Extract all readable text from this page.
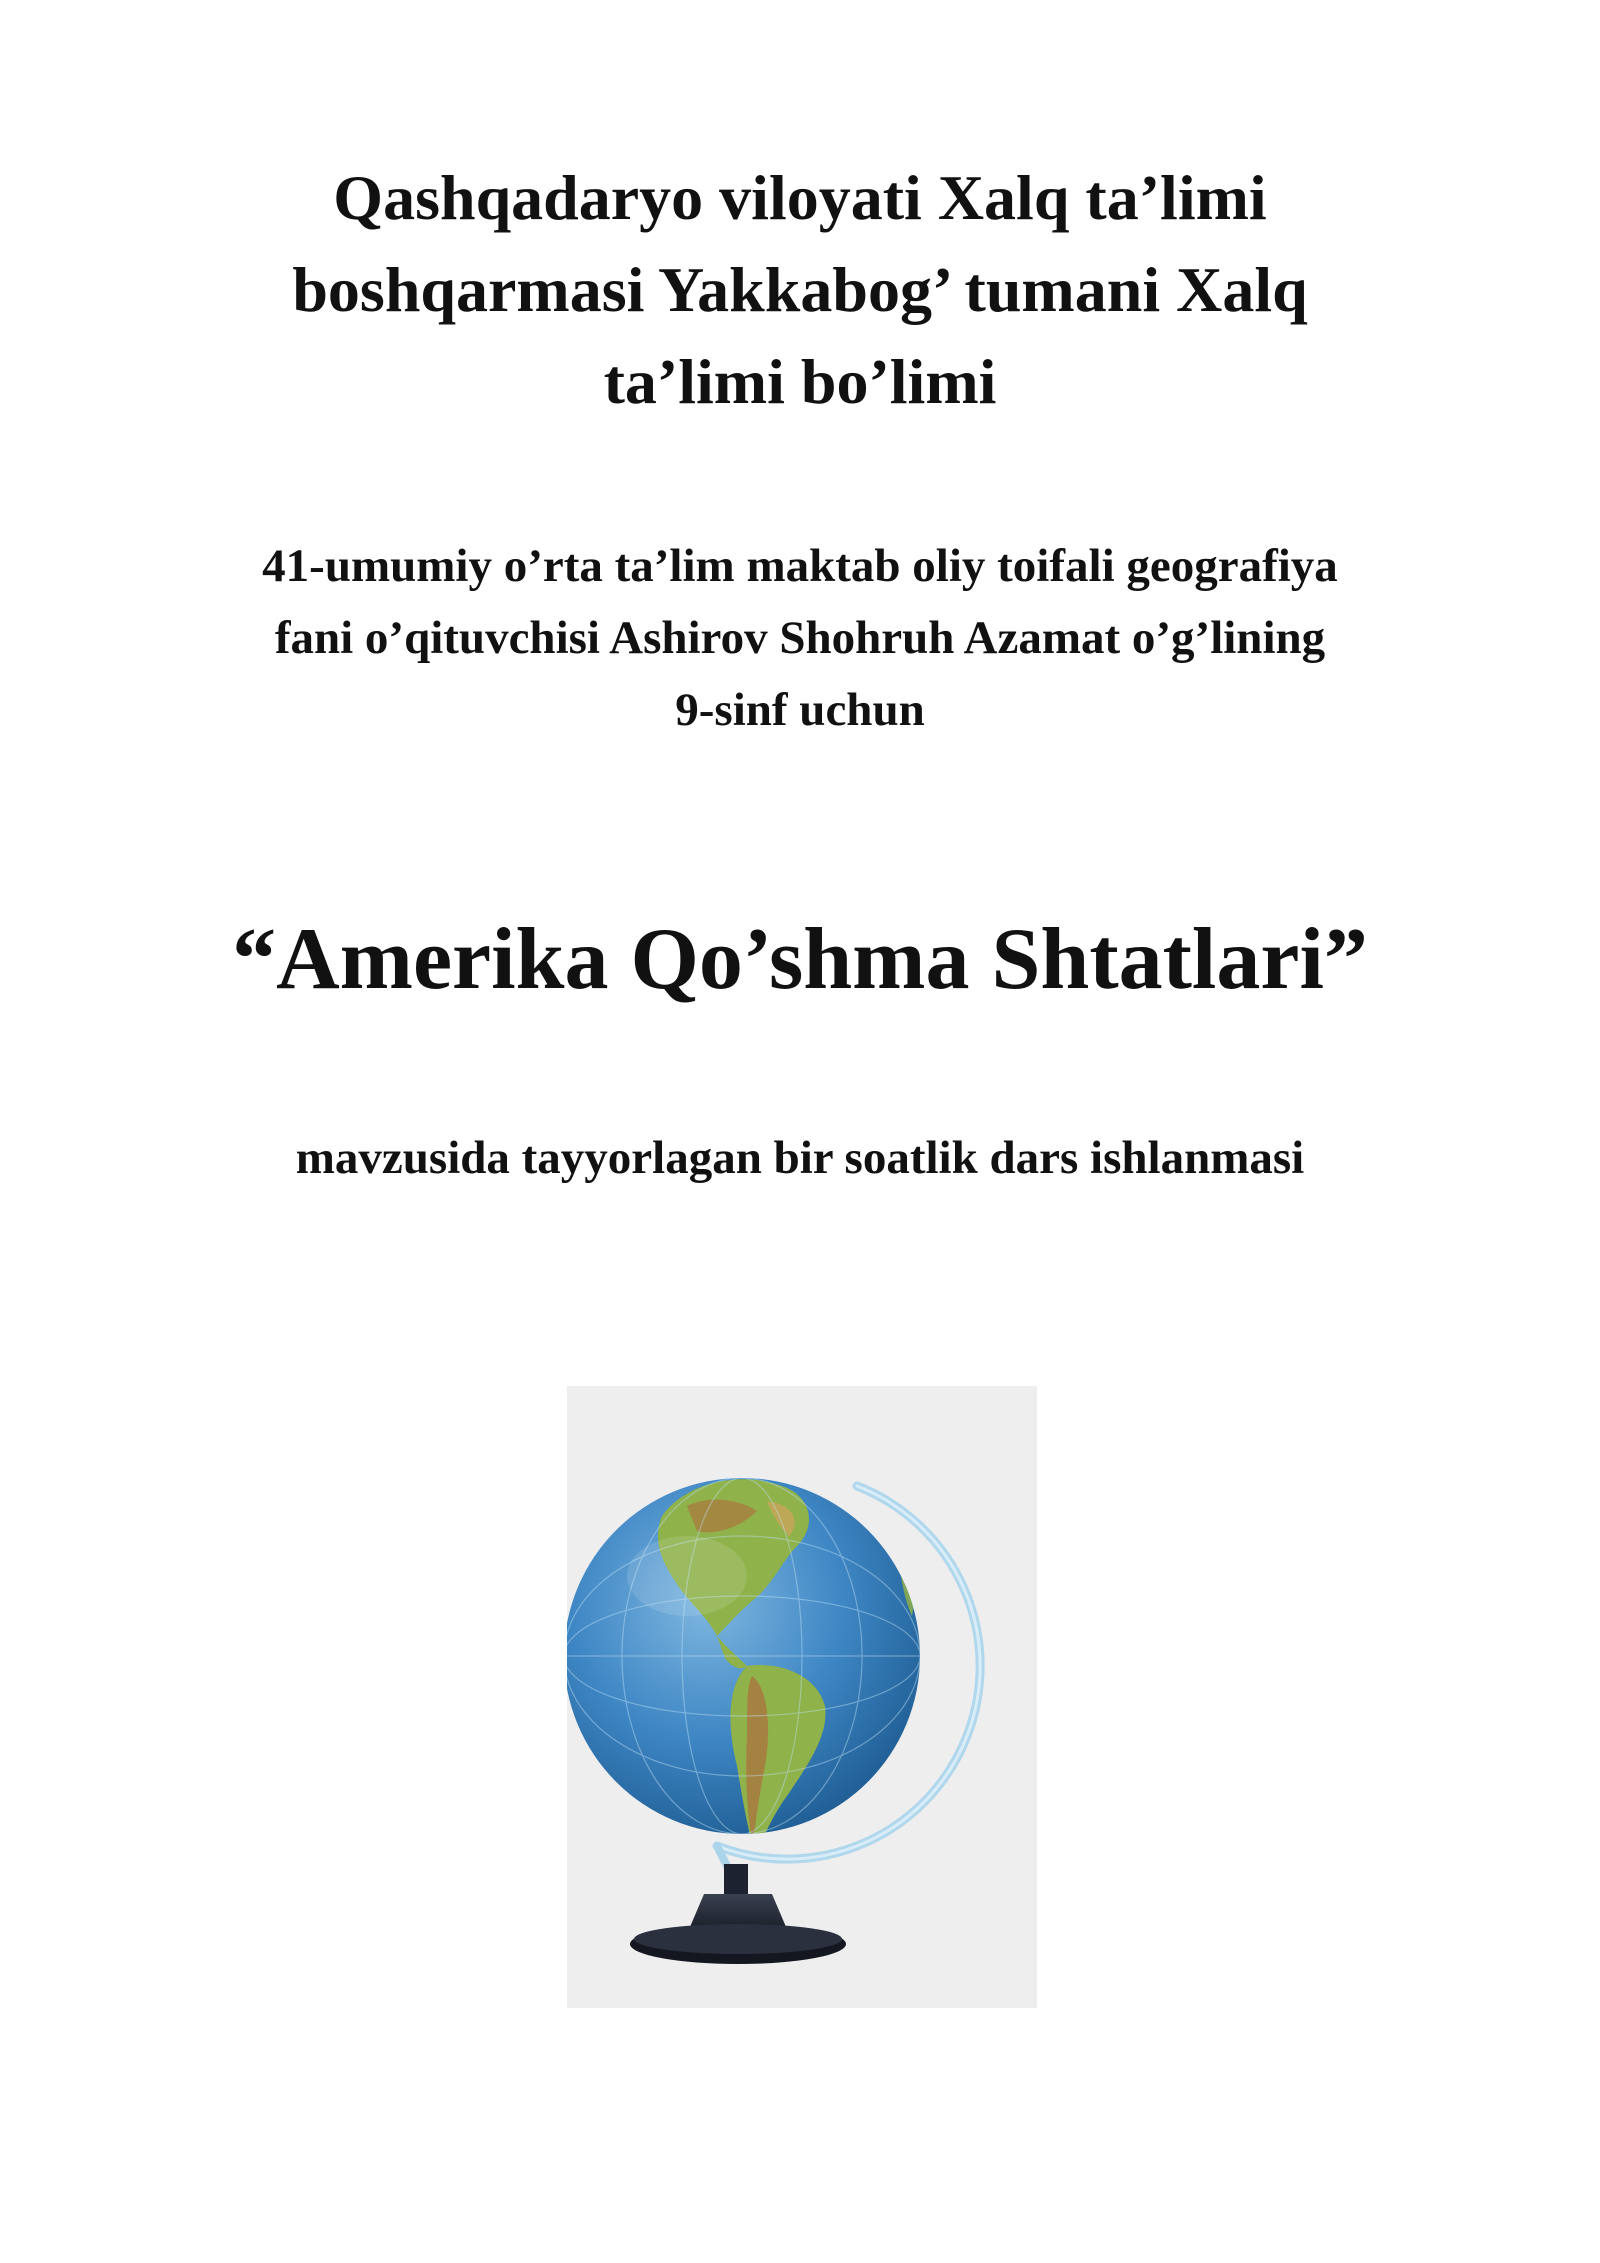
Qashqadaryo viloyati Xalq ta’limi
boshqarmasi Yakkabog’ tumani Xalq
ta’limi bo’limi
41-umumiy o’rta ta’lim maktab oliy toifali geografiya
fani o’qituvchisi Ashirov Shohruh Azamat o’g’lining
9-sinf uchun
“Amerika Qo’shma Shtatlari”
mavzusida tayyorlagan bir soatlik dars ishlanmasi
